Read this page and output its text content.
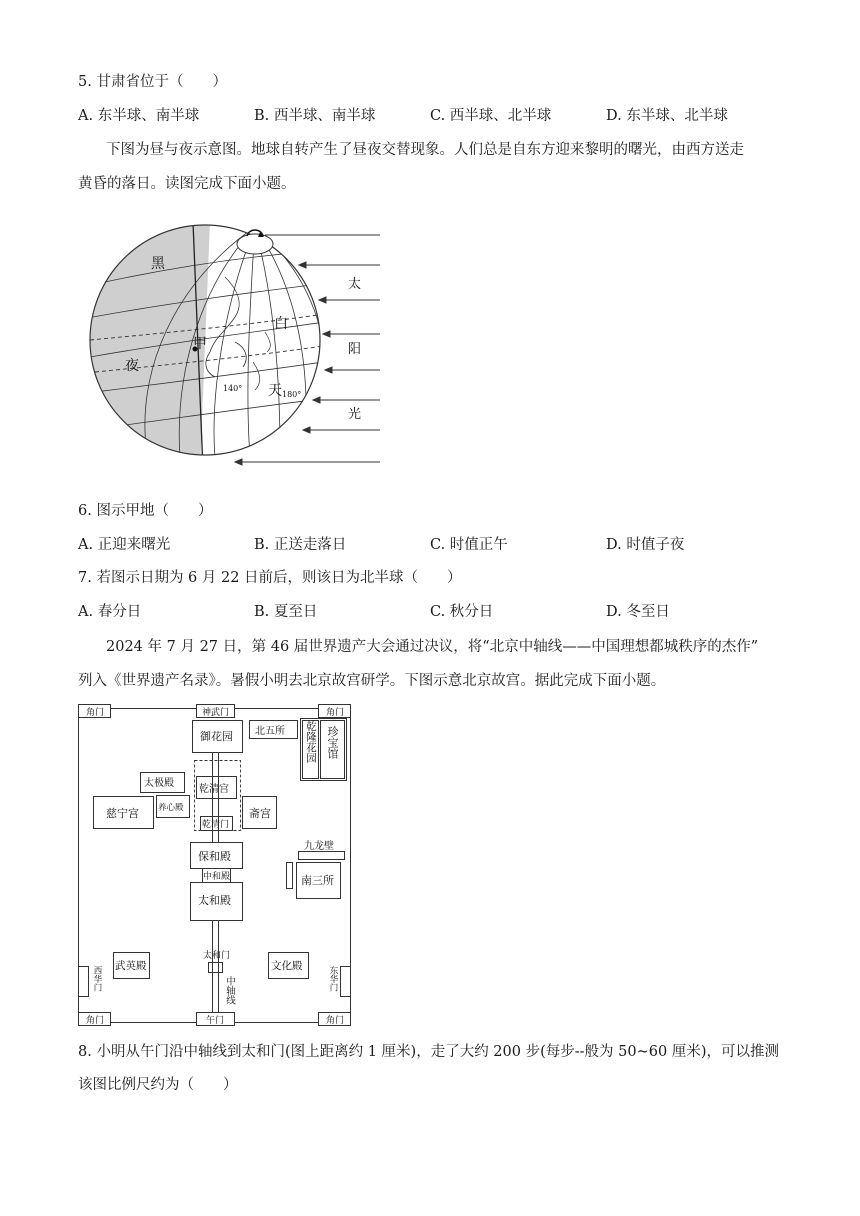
5. 甘肃省位于（　　）
A. 东半球、南半球	B. 西半球、南半球	C. 西半球、北半球	D. 东半球、北半球
下图为昼与夜示意图。地球自转产生了昼夜交替现象。人们总是自东方迎来黎明的曙光，由西方送走
黄昏的落日。读图完成下面小题。
黑
夜
白
天
甲
140°
180°
太
阳
光
6. 图示甲地（　　）
A. 正迎来曙光	B. 正送走落日	C. 时值正午	D. 时值子夜
7. 若图示日期为 6 月 22 日前后，则该日为北半球（　　）
A. 春分日	B. 夏至日	C. 秋分日	D. 冬至日
2024 年 7 月 27 日，第 46 届世界遗产大会通过决议，将“北京中轴线——中国理想都城秩序的杰作”
列入《世界遗产名录》。暑假小明去北京故宫研学。下图示意北京故宫。据此完成下面小题。
角门	角门
角门	角门
神武门
午门
御花园 北五所
太极殿
乾清宫
养心殿
慈宁宫	斋宫
乾清门
九龙壁
保和殿
中和殿
太和殿
南三所
太和门
武英殿	文化殿
乾隆花园 珍宝馆
中轴线
西华门	东华门
8. 小明从午门沿中轴线到太和门(图上距离约 1 厘米)，走了大约 200 步(每步--般为 50~60 厘米)，可以推测
该图比例尺约为（　　）
